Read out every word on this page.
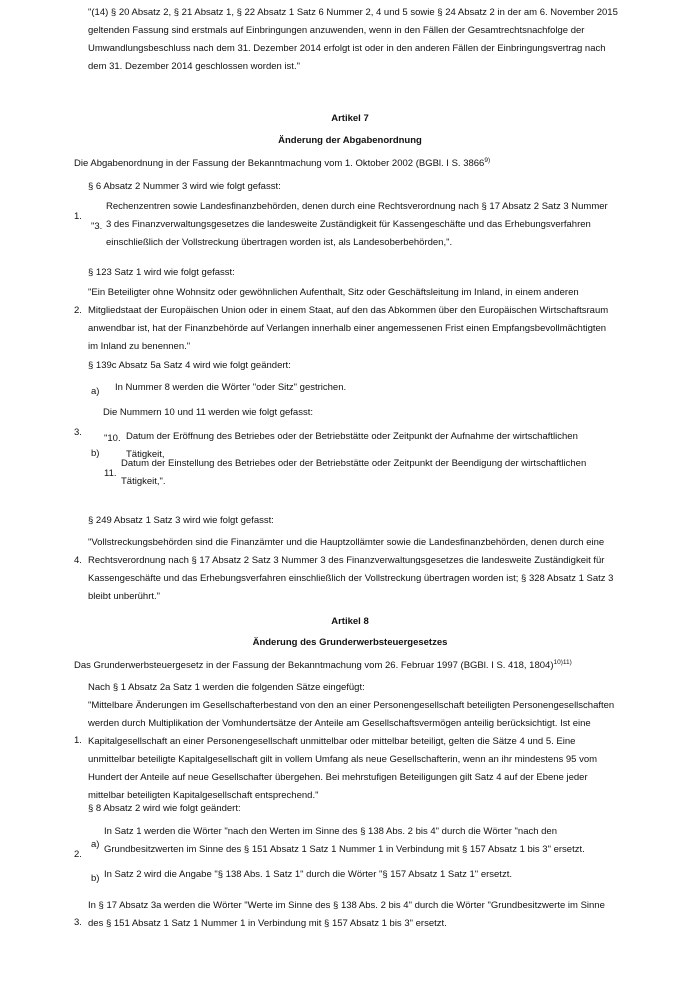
"(14) § 20 Absatz 2, § 21 Absatz 1, § 22 Absatz 1 Satz 6 Nummer 2, 4 und 5 sowie § 24 Absatz 2 in der am 6. November 2015 geltenden Fassung sind erstmals auf Einbringungen anzuwenden, wenn in den Fällen der Gesamtrechtsnachfolge der Umwandlungsbeschluss nach dem 31. Dezember 2014 erfolgt ist oder in den anderen Fällen der Einbringungsvertrag nach dem 31. Dezember 2014 geschlossen worden ist."
Artikel 7
Änderung der Abgabenordnung
Die Abgabenordnung in der Fassung der Bekanntmachung vom 1. Oktober 2002 (BGBl. I S. 3866$^{9)}$
§ 6 Absatz 2 Nummer 3 wird wie folgt gefasst:
1.
"3.
Rechenzentren sowie Landesfinanzbehörden, denen durch eine Rechtsverordnung nach § 17 Absatz 2 Satz 3 Nummer 3 des Finanzverwaltungsgesetzes die landesweite Zuständigkeit für Kassengeschäfte und das Erhebungsverfahren einschließlich der Vollstreckung übertragen worden ist, als Landesoberbehörden,".
§ 123 Satz 1 wird wie folgt gefasst:
2.
"Ein Beteiligter ohne Wohnsitz oder gewöhnlichen Aufenthalt, Sitz oder Geschäftsleitung im Inland, in einem anderen Mitgliedstaat der Europäischen Union oder in einem Staat, auf den das Abkommen über den Europäischen Wirtschaftsraum anwendbar ist, hat der Finanzbehörde auf Verlangen innerhalb einer angemessenen Frist einen Empfangsbevollmächtigten im Inland zu benennen."
§ 139c Absatz 5a Satz 4 wird wie folgt geändert:
a) In Nummer 8 werden die Wörter "oder Sitz" gestrichen.
Die Nummern 10 und 11 werden wie folgt gefasst:
3.
b)
"10. Datum der Eröffnung des Betriebes oder der Betriebstätte oder Zeitpunkt der Aufnahme der wirtschaftlichen Tätigkeit,
11.
Datum der Einstellung des Betriebes oder der Betriebstätte oder Zeitpunkt der Beendigung der wirtschaftlichen Tätigkeit,".
§ 249 Absatz 1 Satz 3 wird wie folgt gefasst:
4.
"Vollstreckungsbehörden sind die Finanzämter und die Hauptzollämter sowie die Landesfinanzbehörden, denen durch eine Rechtsverordnung nach § 17 Absatz 2 Satz 3 Nummer 3 des Finanzverwaltungsgesetzes die landesweite Zuständigkeit für Kassengeschäfte und das Erhebungsverfahren einschließlich der Vollstreckung übertragen worden ist; § 328 Absatz 1 Satz 3 bleibt unberührt."
Artikel 8
Änderung des Grunderwerbsteuergesetzes
Das Grunderwerbsteuergesetz in der Fassung der Bekanntmachung vom 26. Februar 1997 (BGBl. I S. 418, 1804)$^{10)11)}$
Nach § 1 Absatz 2a Satz 1 werden die folgenden Sätze eingefügt:
1.
"Mittelbare Änderungen im Gesellschafterbestand von den an einer Personengesellschaft beteiligten Personengesellschaften werden durch Multiplikation der Vomhundertsätze der Anteile am Gesellschaftsvermögen anteilig berücksichtigt. Ist eine Kapitalgesellschaft an einer Personengesellschaft unmittelbar oder mittelbar beteiligt, gelten die Sätze 4 und 5. Eine unmittelbar beteiligte Kapitalgesellschaft gilt in vollem Umfang als neue Gesellschafterin, wenn an ihr mindestens 95 vom Hundert der Anteile auf neue Gesellschafter übergehen. Bei mehrstufigen Beteiligungen gilt Satz 4 auf der Ebene jeder mittelbar beteiligten Kapitalgesellschaft entsprechend."
§ 8 Absatz 2 wird wie folgt geändert:
2.
a)
In Satz 1 werden die Wörter "nach den Werten im Sinne des § 138 Abs. 2 bis 4" durch die Wörter "nach den Grundbesitzwerten im Sinne des § 151 Absatz 1 Satz 1 Nummer 1 in Verbindung mit § 157 Absatz 1 bis 3" ersetzt.
b) In Satz 2 wird die Angabe "§ 138 Abs. 1 Satz 1" durch die Wörter "§ 157 Absatz 1 Satz 1" ersetzt.
3.
In § 17 Absatz 3a werden die Wörter "Werte im Sinne des § 138 Abs. 2 bis 4" durch die Wörter "Grundbesitzwerte im Sinne des § 151 Absatz 1 Satz 1 Nummer 1 in Verbindung mit § 157 Absatz 1 bis 3" ersetzt.
